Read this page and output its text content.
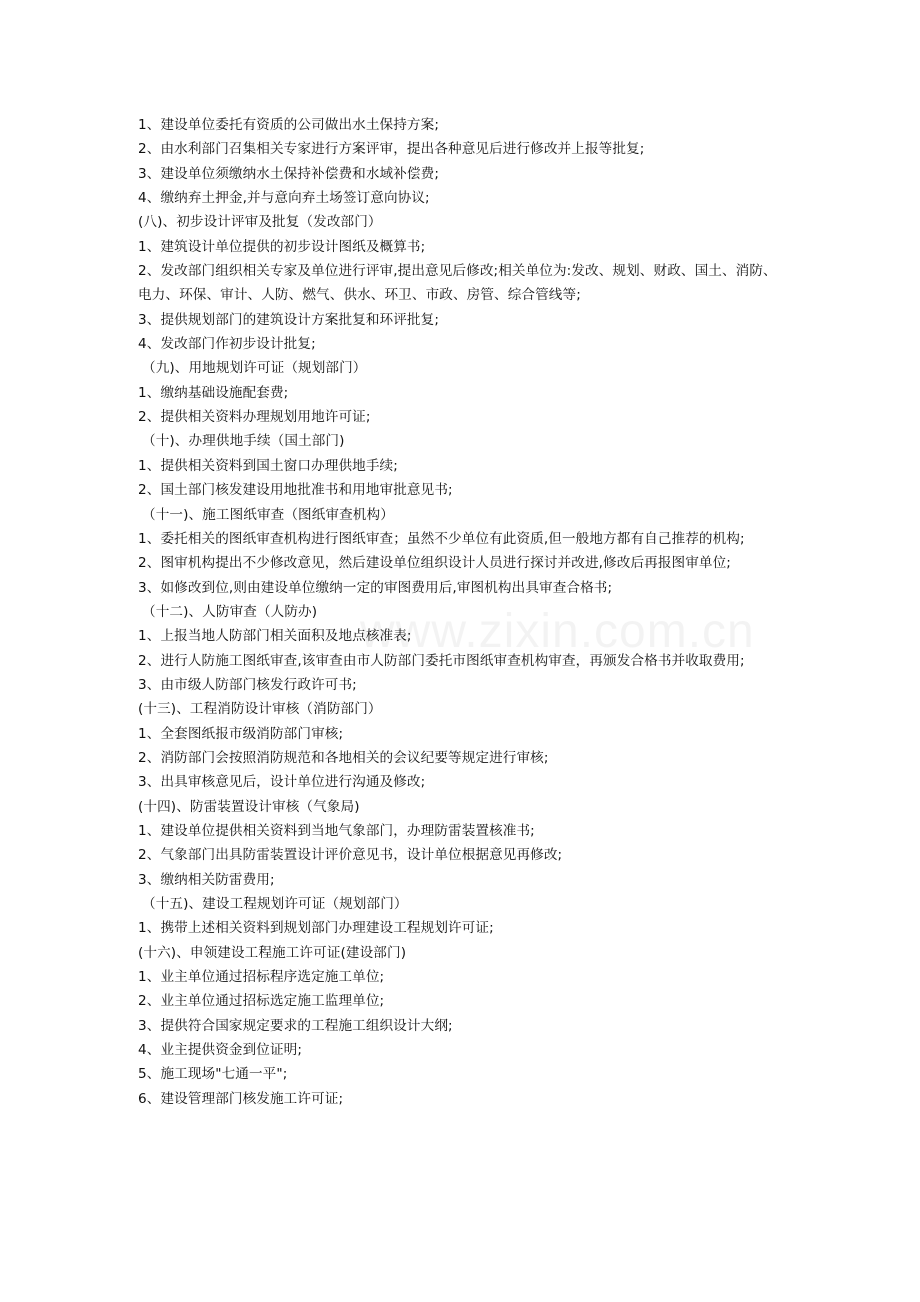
1、建设单位委托有资质的公司做出水土保持方案;
2、由水利部门召集相关专家进行方案评审，提出各种意见后进行修改并上报等批复;
3、建设单位须缴纳水土保持补偿费和水域补偿费;
4、缴纳弃土押金,并与意向弃土场签订意向协议;
(八)、初步设计评审及批复（发改部门）
1、建筑设计单位提供的初步设计图纸及概算书;
2、发改部门组织相关专家及单位进行评审,提出意见后修改;相关单位为:发改、规划、财政、国土、消防、
电力、环保、审计、人防、燃气、供水、环卫、市政、房管、综合管线等;
3、提供规划部门的建筑设计方案批复和环评批复;
4、发改部门作初步设计批复;
（九)、用地规划许可证（规划部门）
1、缴纳基础设施配套费;
2、提供相关资料办理规划用地许可证;
（十)、办理供地手续（国土部门)
1、提供相关资料到国土窗口办理供地手续;
2、国土部门核发建设用地批准书和用地审批意见书;
（十一)、施工图纸审查（图纸审查机构）
1、委托相关的图纸审查机构进行图纸审查；虽然不少单位有此资质,但一般地方都有自己推荐的机构;
2、图审机构提出不少修改意见，然后建设单位组织设计人员进行探讨并改进,修改后再报图审单位;
3、如修改到位,则由建设单位缴纳一定的审图费用后,审图机构出具审查合格书;
（十二)、人防审查（人防办)
1、上报当地人防部门相关面积及地点核准表;
2、进行人防施工图纸审查,该审查由市人防部门委托市图纸审查机构审查，再颁发合格书并收取费用;
3、由市级人防部门核发行政许可书;
(十三)、工程消防设计审核（消防部门）
1、全套图纸报市级消防部门审核;
2、消防部门会按照消防规范和各地相关的会议纪要等规定进行审核;
3、出具审核意见后，设计单位进行沟通及修改;
(十四)、防雷装置设计审核（气象局)
1、建设单位提供相关资料到当地气象部门，办理防雷装置核准书;
2、气象部门出具防雷装置设计评价意见书，设计单位根据意见再修改;
3、缴纳相关防雷费用;
（十五)、建设工程规划许可证（规划部门）
1、携带上述相关资料到规划部门办理建设工程规划许可证;
(十六)、申领建设工程施工许可证(建设部门)
1、业主单位通过招标程序选定施工单位;
2、业主单位通过招标选定施工监理单位;
3、提供符合国家规定要求的工程施工组织设计大纲;
4、业主提供资金到位证明;
5、施工现场"七通一平";
6、建设管理部门核发施工许可证;
